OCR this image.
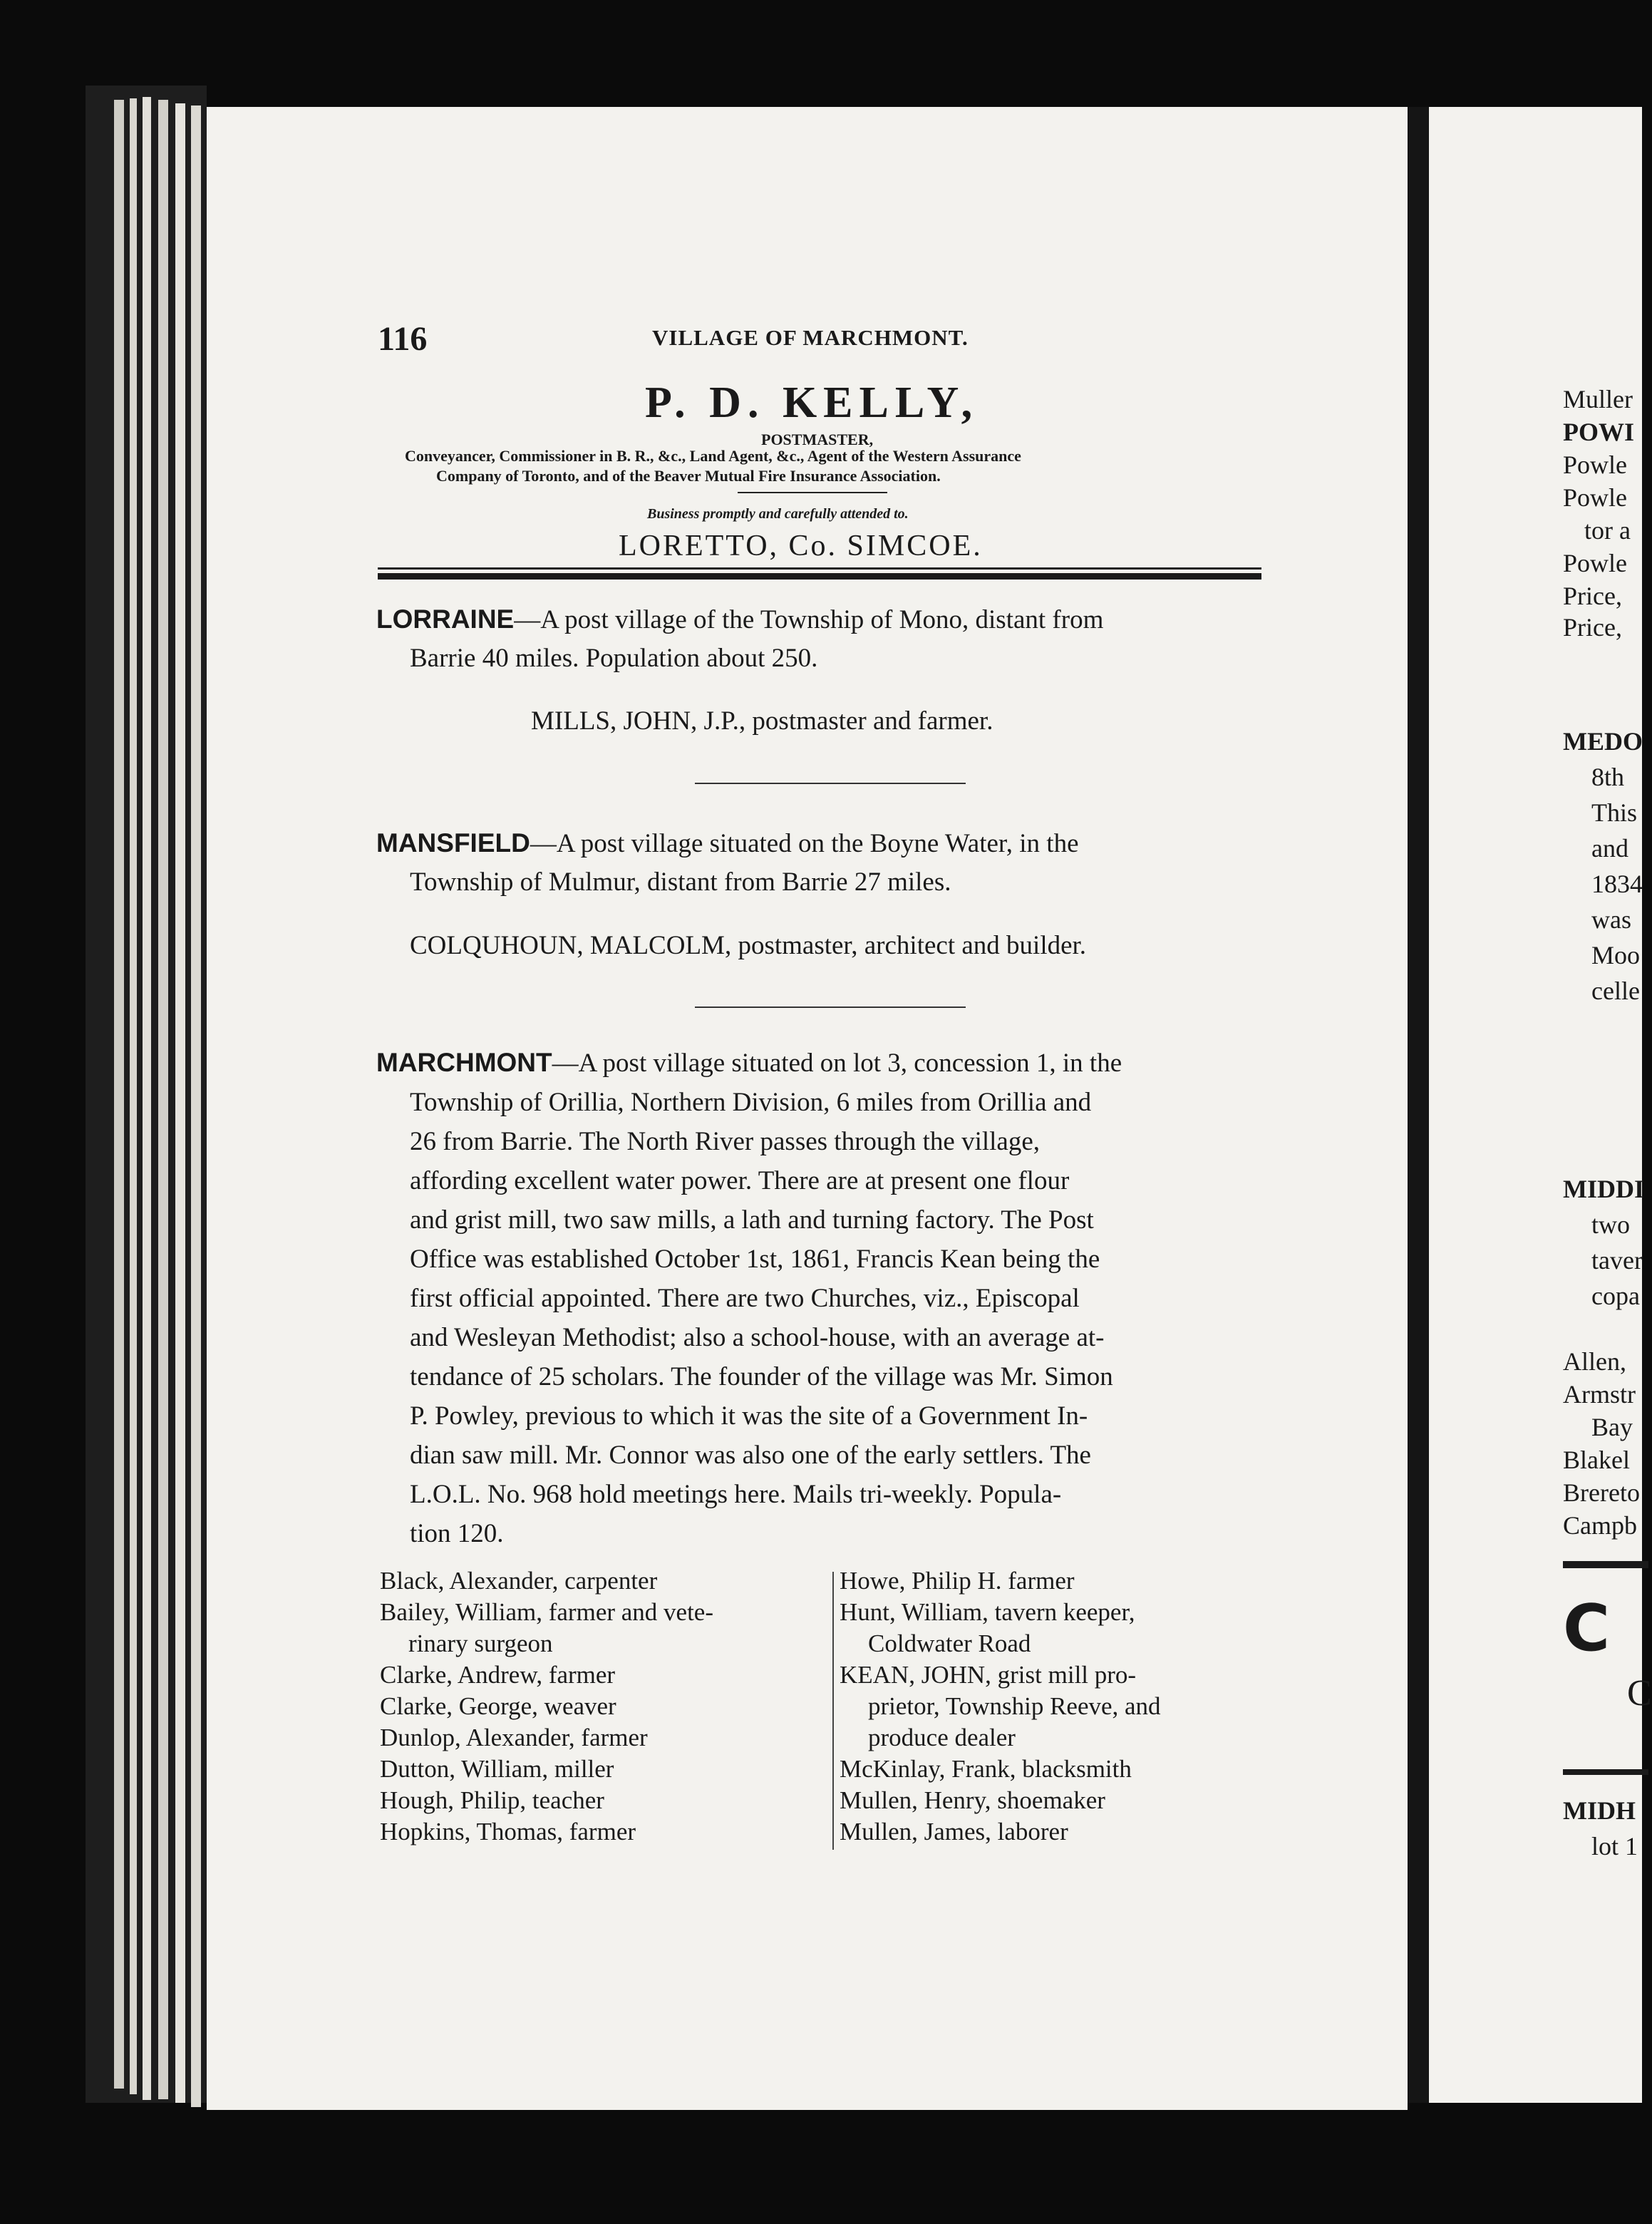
Muller
POWI
Powle
Powle
tor a
Powle
Price,
Price,
MEDO
8th
This
and
1834
was
Moo
celle
MIDDI
two
taver
copa
Allen,
Armstr
Bay
Blakel
Brereto
Campb
C
C
MIDH
lot 1
116	VILLAGE OF MARCHMONT.
P. D. KELLY,
POSTMASTER,
Conveyancer, Commissioner in B. R., &c., Land Agent, &c., Agent of the Western Assurance
Company of Toronto, and of the Beaver Mutual Fire Insurance Association.
Business promptly and carefully attended to.
LORETTO, Co. SIMCOE.
LORRAINE—A post village of the Township of Mono, distant from
Barrie 40 miles. Population about 250.
MILLS, JOHN, J.P., postmaster and farmer.
MANSFIELD—A post village situated on the Boyne Water, in the
Township of Mulmur, distant from Barrie 27 miles.
COLQUHOUN, MALCOLM, postmaster, architect and builder.
MARCHMONT—A post village situated on lot 3, concession 1, in the
Township of Orillia, Northern Division, 6 miles from Orillia and
26 from Barrie. The North River passes through the village,
affording excellent water power. There are at present one flour
and grist mill, two saw mills, a lath and turning factory. The Post
Office was established October 1st, 1861, Francis Kean being the
first official appointed. There are two Churches, viz., Episcopal
and Wesleyan Methodist; also a school-house, with an average at-
tendance of 25 scholars. The founder of the village was Mr. Simon
P. Powley, previous to which it was the site of a Government In-
dian saw mill. Mr. Connor was also one of the early settlers. The
L.O.L. No. 968 hold meetings here. Mails tri-weekly. Popula-
tion 120.
Black, Alexander, carpenter
Bailey, William, farmer and vete-
rinary surgeon
Clarke, Andrew, farmer
Clarke, George, weaver
Dunlop, Alexander, farmer
Dutton, William, miller
Hough, Philip, teacher
Hopkins, Thomas, farmer
Howe, Philip H. farmer
Hunt, William, tavern keeper,
Coldwater Road
KEAN, JOHN, grist mill pro-
prietor, Township Reeve, and
produce dealer
McKinlay, Frank, blacksmith
Mullen, Henry, shoemaker
Mullen, James, laborer
